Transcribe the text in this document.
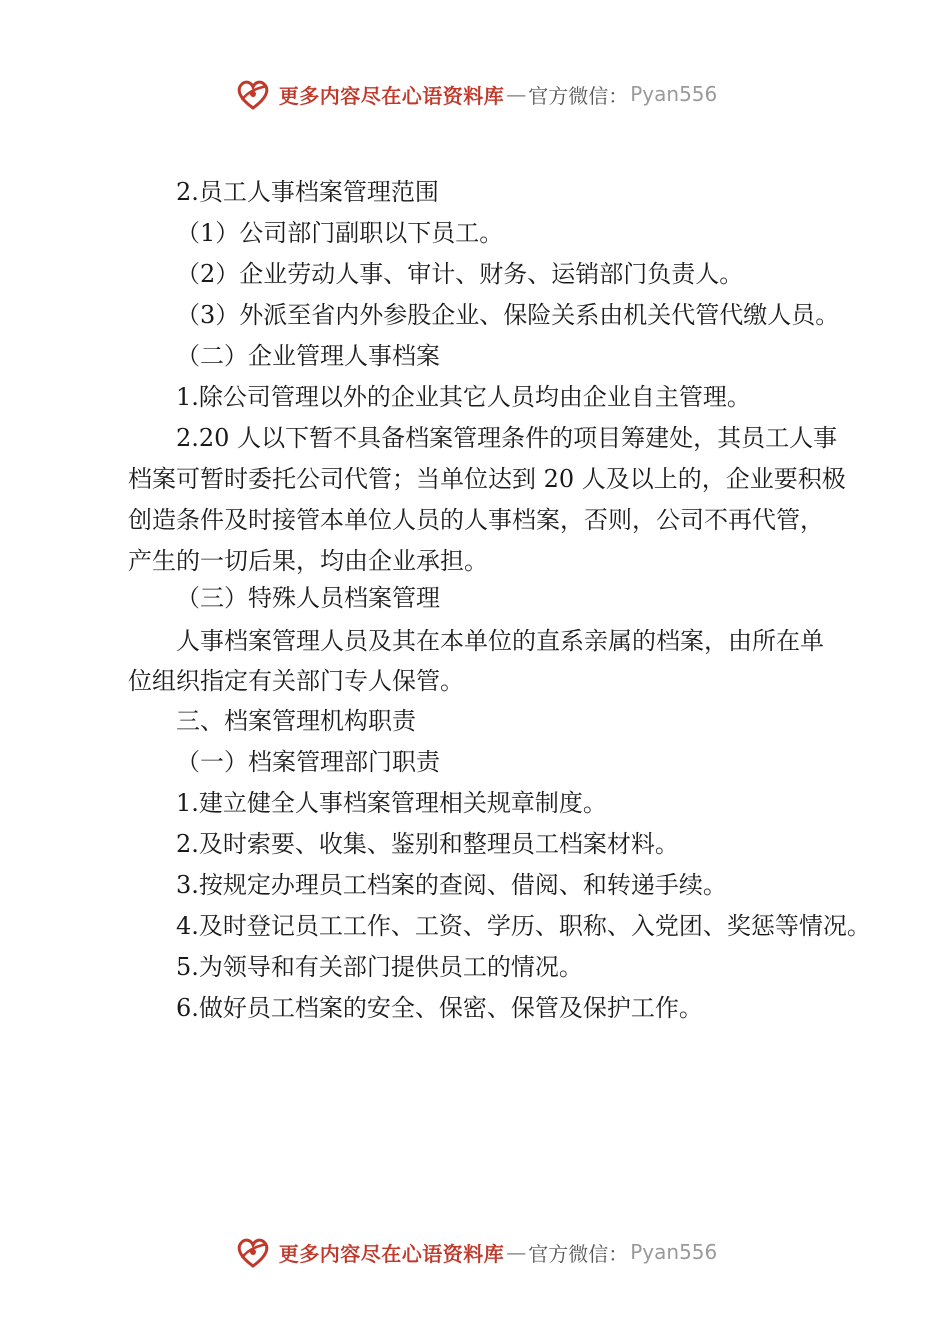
更多内容尽在心语资料库 — 官方微信： Pyan556
2.员工人事档案管理范围
（1）公司部门副职以下员工。
（2）企业劳动人事、审计、财务、运销部门负责人。
（3）外派至省内外参股企业、保险关系由机关代管代缴人员。
（二）企业管理人事档案
1.除公司管理以外的企业其它人员均由企业自主管理。
2.20 人以下暂不具备档案管理条件的项目筹建处，其员工人事
档案可暂时委托公司代管；当单位达到 20 人及以上的，企业要积极
创造条件及时接管本单位人员的人事档案，否则，公司不再代管，
产生的一切后果，均由企业承担。
（三）特殊人员档案管理
人事档案管理人员及其在本单位的直系亲属的档案，由所在单
位组织指定有关部门专人保管。
三、档案管理机构职责
（一）档案管理部门职责
1.建立健全人事档案管理相关规章制度。
2.及时索要、收集、鉴别和整理员工档案材料。
3.按规定办理员工档案的查阅、借阅、和转递手续。
4.及时登记员工工作、工资、学历、职称、入党团、奖惩等情况。
5.为领导和有关部门提供员工的情况。
6.做好员工档案的安全、保密、保管及保护工作。
更多内容尽在心语资料库 — 官方微信： Pyan556
